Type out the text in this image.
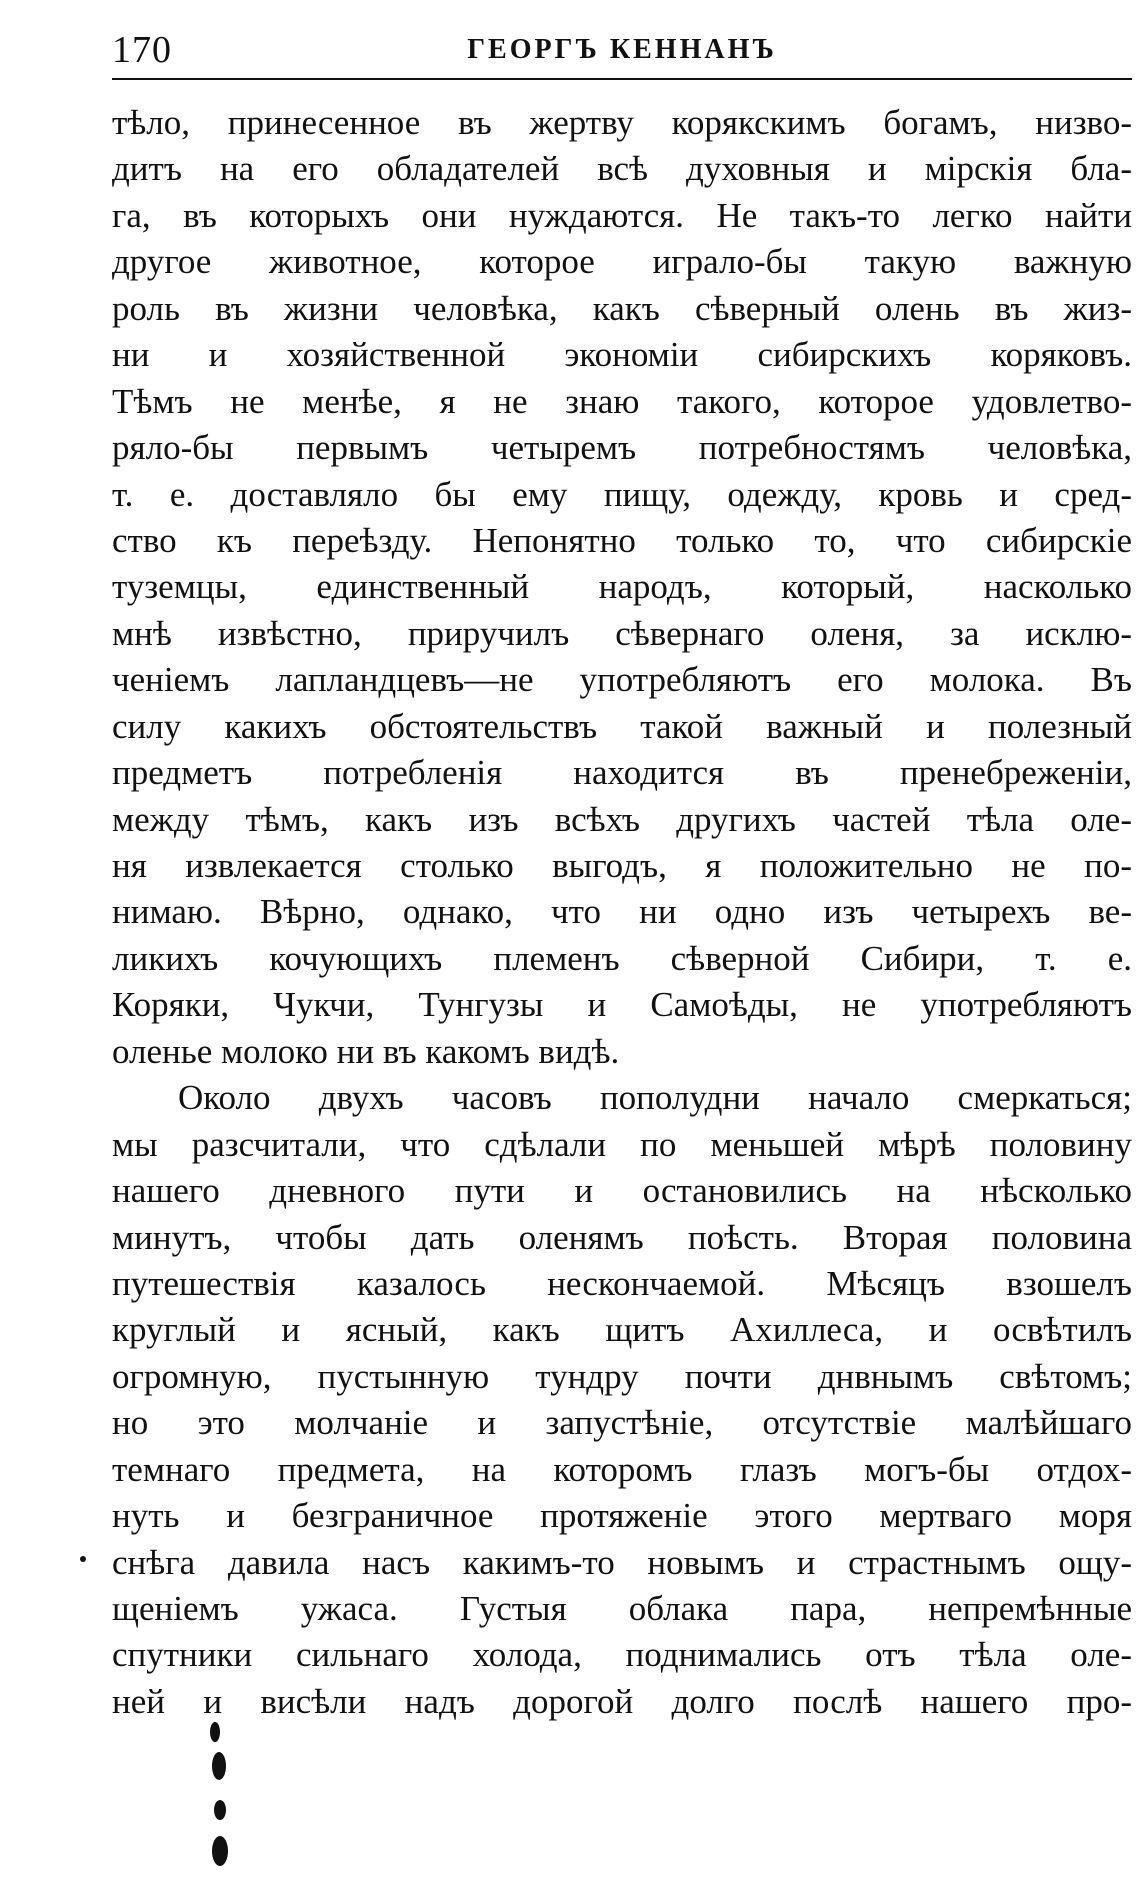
170	ГЕОРГЪ КЕННАНЪ
тѣло, принесенное въ жертву корякскимъ богамъ, низво-
дитъ на его обладателей всѣ духовныя и мірскія бла-
га, въ которыхъ они нуждаются. Не такъ-то легко найти
другое животное, которое играло-бы такую важную
роль въ жизни человѣка, какъ сѣверный олень въ жиз-
ни и хозяйственной экономіи сибирскихъ коряковъ.
Тѣмъ не менѣе, я не знаю такого, которое удовлетво-
ряло-бы первымъ четыремъ потребностямъ человѣка,
т. е. доставляло бы ему пищу, одежду, кровь и сред-
ство къ переѣзду. Непонятно только то, что сибирскіе
туземцы, единственный народъ, который, насколько
мнѣ извѣстно, приручилъ сѣвернаго оленя, за исклю-
ченіемъ лапландцевъ—не употребляютъ его молока. Въ
силу какихъ обстоятельствъ такой важный и полезный
предметъ потребленія находится въ пренебреженіи,
между тѣмъ, какъ изъ всѣхъ другихъ частей тѣла оле-
ня извлекается столько выгодъ, я положительно не по-
нимаю. Вѣрно, однако, что ни одно изъ четырехъ ве-
ликихъ кочующихъ племенъ сѣверной Сибири, т. е.
Коряки, Чукчи, Тунгузы и Самоѣды, не употребляютъ
оленье молоко ни въ какомъ видѣ.
Около двухъ часовъ пополудни начало смеркаться;
мы разсчитали, что сдѣлали по меньшей мѣрѣ половину
нашего дневного пути и остановились на нѣсколько
минутъ, чтобы дать оленямъ поѣсть. Вторая половина
путешествія казалось нескончаемой. Мѣсяцъ взошелъ
круглый и ясный, какъ щитъ Ахиллеса, и освѣтилъ
огромную, пустынную тундру почти днвнымъ свѣтомъ;
но это молчаніе и запустѣніе, отсутствіе малѣйшаго
темнаго предмета, на которомъ глазъ могъ-бы отдох-
нуть и безграничное протяженіе этого мертваго моря
снѣга давила насъ какимъ-то новымъ и страстнымъ ощу-
щеніемъ ужаса. Густыя облака пара, непремѣнные
спутники сильнаго холода, поднимались отъ тѣла оле-
ней и висѣли надъ дорогой долго послѣ нашего про-
